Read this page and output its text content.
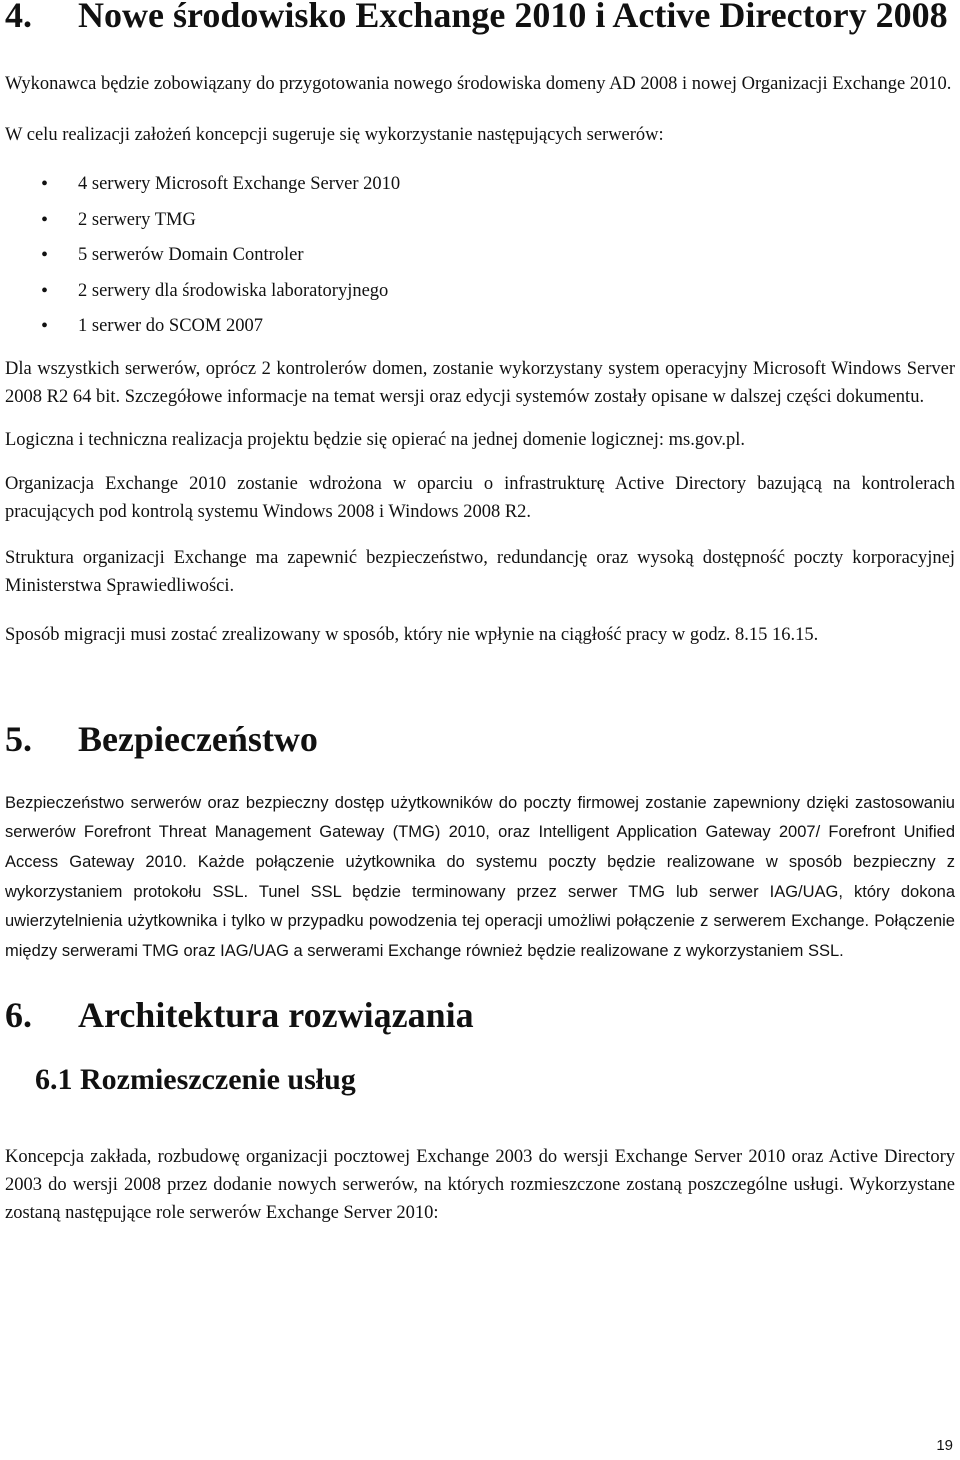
4.	Nowe środowisko Exchange 2010 i Active Directory 2008

Wykonawca będzie zobowiązany do przygotowania nowego środowiska domeny AD 2008 i nowej Organizacji Exchange 2010.

W celu realizacji założeń koncepcji sugeruje się wykorzystanie następujących serwerów:

• 4 serwery Microsoft Exchange Server 2010
• 2 serwery TMG
• 5 serwerów Domain Controler
• 2 serwery dla środowiska laboratoryjnego
• 1 serwer do SCOM 2007

Dla wszystkich serwerów, oprócz 2 kontrolerów domen, zostanie wykorzystany system operacyjny Microsoft Windows Server 2008 R2 64 bit. Szczegółowe informacje na temat wersji oraz edycji systemów zostały opisane w dalszej części dokumentu.

Logiczna i techniczna realizacja projektu będzie się opierać na jednej domenie logicznej: ms.gov.pl.

Organizacja Exchange 2010 zostanie wdrożona w oparciu o infrastrukturę Active Directory bazującą na kontrolerach pracujących pod kontrolą systemu Windows 2008 i Windows 2008 R2.

Struktura organizacji Exchange ma zapewnić bezpieczeństwo, redundancję oraz wysoką dostępność poczty korporacyjnej Ministerstwa Sprawiedliwości.

Sposób migracji musi zostać zrealizowany w sposób, który nie wpłynie na ciągłość pracy w godz. 8.15 16.15.

5.	Bezpieczeństwo

Bezpieczeństwo serwerów oraz bezpieczny dostęp użytkowników do poczty firmowej zostanie zapewniony dzięki zastosowaniu serwerów Forefront Threat Management Gateway (TMG) 2010, oraz Intelligent Application Gateway 2007/ Forefront Unified Access Gateway 2010. Każde połączenie użytkownika do systemu poczty będzie realizowane w sposób bezpieczny z wykorzystaniem protokołu SSL. Tunel SSL będzie terminowany przez serwer TMG lub serwer IAG/UAG, który dokona uwierzytelnienia użytkownika i tylko w przypadku powodzenia tej operacji umożliwi połączenie z serwerem Exchange. Połączenie między serwerami TMG oraz IAG/UAG a serwerami Exchange również będzie realizowane z wykorzystaniem SSL.

6.	Architektura rozwiązania
6.1 Rozmieszczenie usług

Koncepcja zakłada, rozbudowę organizacji pocztowej Exchange 2003 do wersji Exchange Server 2010 oraz Active Directory 2003 do wersji 2008 przez dodanie nowych serwerów, na których rozmieszczone zostaną poszczególne usługi. Wykorzystane zostaną następujące role serwerów Exchange Server 2010:

19
